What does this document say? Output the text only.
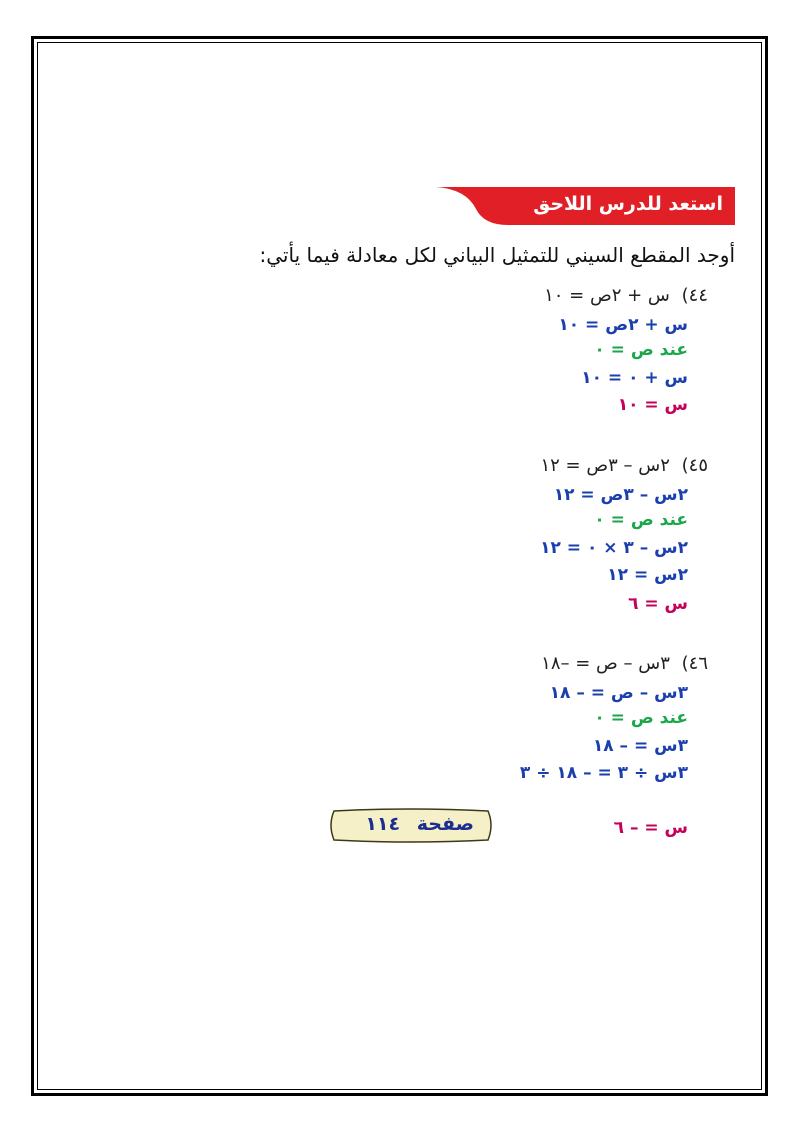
استعد للدرس اللاحق
أوجد المقطع السيني للتمثيل البياني لكل معادلة فيما يأتي:
٤٤) س + ٢ص = ١٠
س + ٢ص = ١٠
عند ص = ٠
س + ٠ = ١٠
س = ١٠
٤٥) ٢س – ٣ص = ١٢
٢س – ٣ص = ١٢
عند ص = ٠
٢س – ٣ × ٠ = ١٢
٢س = ١٢
س = ٦
٤٦) ٣س – ص = –١٨
٣س – ص = – ١٨
عند ص = ٠
٣س = – ١٨
٣س ÷ ٣ = – ١٨ ÷ ٣
س = – ٦
صفحة ١١٤
